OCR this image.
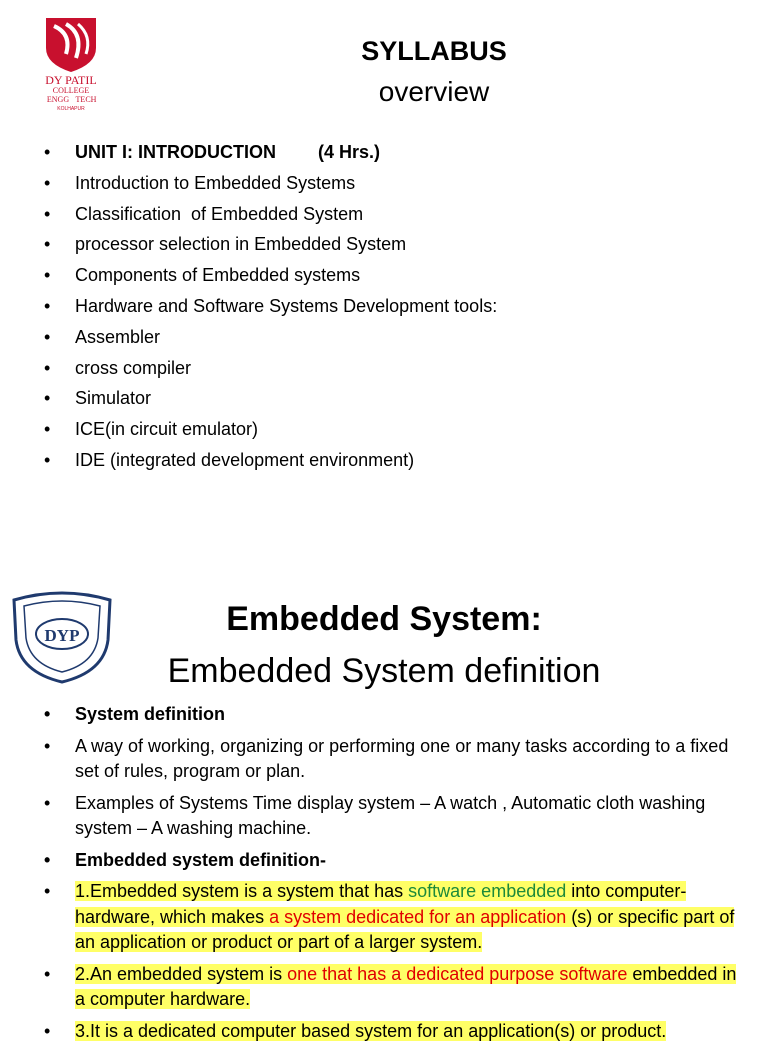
DY PATIL
COLLEGE
ENGG TECH
KOLHAPUR
SYLLABUS
overview
• UNIT I: INTRODUCTION (4 Hrs.)
• Introduction to Embedded Systems
• Classification  of Embedded System
• processor selection in Embedded System
• Components of Embedded systems
• Hardware and Software Systems Development tools:
• Assembler
• cross compiler
• Simulator
• ICE(in circuit emulator)
• IDE (integrated development environment)
DYP	Embedded System:
Embedded System definition
• System definition
• A way of working, organizing or performing one or many tasks according to a fixed set of rules, program or plan.
• Examples of Systems Time display system – A watch , Automatic cloth washing system – A washing machine.
• Embedded system definition-
• 1.Embedded system is a system that has software embedded into computer-hardware, which makes a system dedicated for an application (s) or specific part of an application or product or part of a larger system.
• 2.An embedded system is one that has a dedicated purpose software embedded in a computer hardware.
• 3.It is a dedicated computer based system for an application(s) or product.
